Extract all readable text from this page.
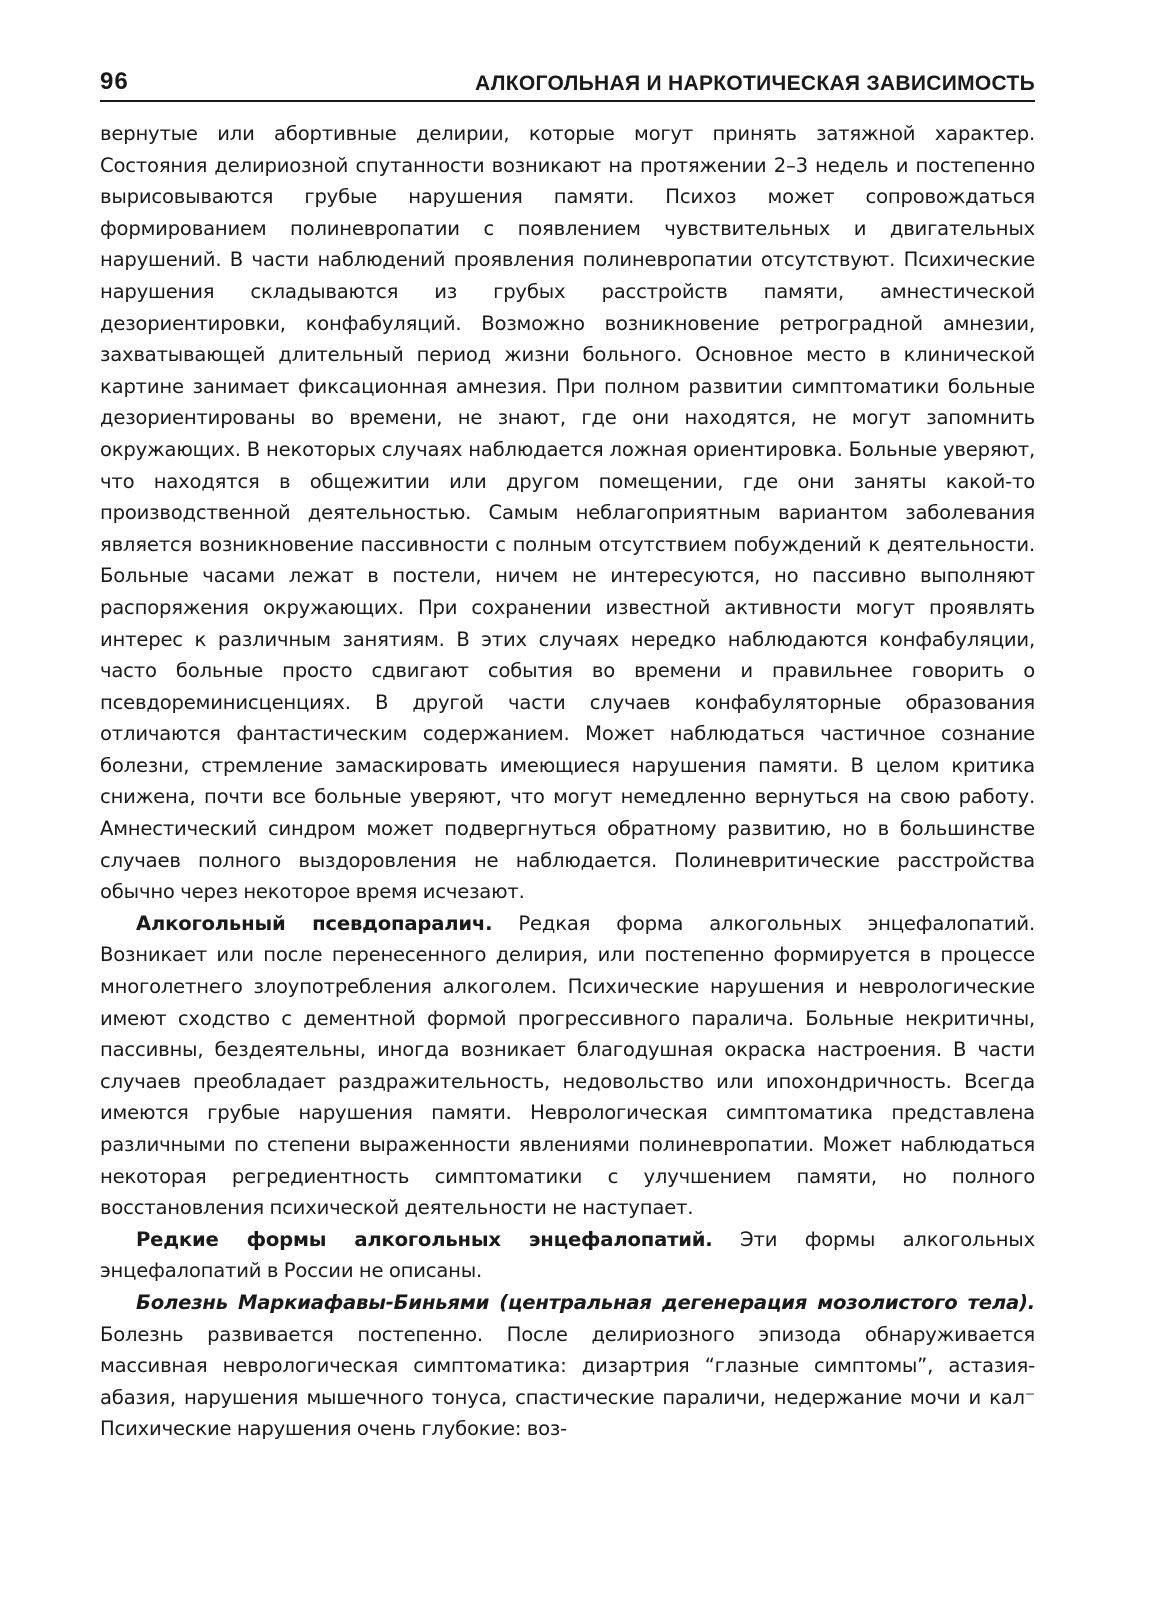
96	АЛКОГОЛЬНАЯ И НАРКОТИЧЕСКАЯ ЗАВИСИМОСТЬ

вернутые или абортивные делирии, которые могут принять затяжной характер. Состояния делириозной спутанности возникают на протяжении 2–3 недель и постепенно вырисовываются грубые нарушения памяти. Психоз может сопровождаться формированием полиневропатии с появлением чувствительных и двигательных нарушений. В части наблюдений проявления полиневропатии отсутствуют. Психические нарушения складываются из грубых расстройств памяти, амнестической дезориентировки, конфабуляций. Возможно возникновение ретроградной амнезии, захватывающей длительный период жизни больного. Основное место в клинической картине занимает фиксационная амнезия. При полном развитии симптоматики больные дезориентированы во времени, не знают, где они находятся, не могут запомнить окружающих. В некоторых случаях наблюдается ложная ориентировка. Больные уверяют, что находятся в общежитии или другом помещении, где они заняты какой-то производственной деятельностью. Самым неблагоприятным вариантом заболевания является возникновение пассивности с полным отсутствием побуждений к деятельности. Больные часами лежат в постели, ничем не интересуются, но пассивно выполняют распоряжения окружающих. При сохранении известной активности могут проявлять интерес к различным занятиям. В этих случаях нередко наблюдаются конфабуляции, часто больные просто сдвигают события во времени и правильнее говорить о псевдореминисценциях. В другой части случаев конфабуляторные образования отличаются фантастическим содержанием. Может наблюдаться частичное сознание болезни, стремление замаскировать имеющиеся нарушения памяти. В целом критика снижена, почти все больные уверяют, что могут немедленно вернуться на свою работу. Амнестический синдром может подвергнуться обратному развитию, но в большинстве случаев полного выздоровления не наблюдается. Полиневритические расстройства обычно через некоторое время исчезают.

Алкогольный псевдопаралич. Редкая форма алкогольных энцефалопатий. Возникает или после перенесенного делирия, или постепенно формируется в процессе многолетнего злоупотребления алкоголем. Психические нарушения и неврологические имеют сходство с дементной формой прогрессивного паралича. Больные некритичны, пассивны, бездеятельны, иногда возникает благодушная окраска настроения. В части случаев преобладает раздражительность, недовольство или ипохондричность. Всегда имеются грубые нарушения памяти. Неврологическая симптоматика представлена различными по степени выраженности явлениями полиневропатии. Может наблюдаться некоторая регредиентность симптоматики с улучшением памяти, но полного восстановления психической деятельности не наступает.

Редкие формы алкогольных энцефалопатий. Эти формы алкогольных энцефалопатий в России не описаны.

Болезнь Маркиафавы-Биньями (центральная дегенерация мозолистого тела). Болезнь развивается постепенно. После делириозного эпизода обнаруживается массивная неврологическая симптоматика: дизартрия “глазные симптомы”, астазия-абазия, нарушения мышечного тонуса, спастические параличи, недержание мочи и кал⁻ Психические нарушения очень глубокие: воз-
